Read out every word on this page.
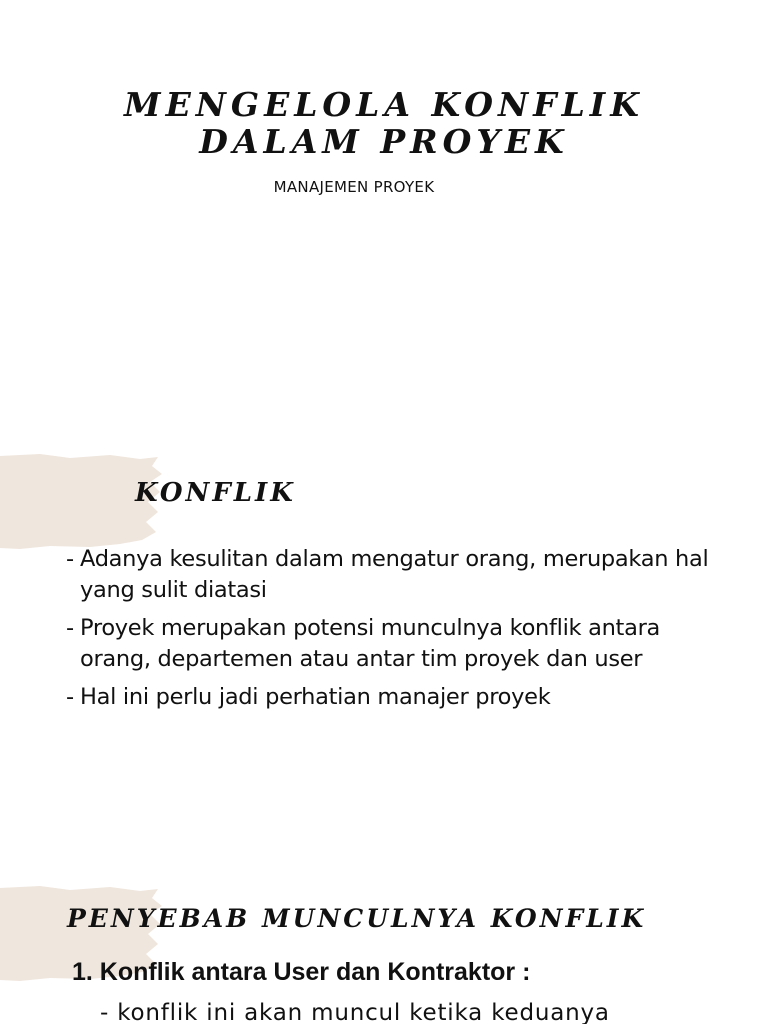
MENGELOLA KONFLIK
DALAM PROYEK
MANAJEMEN PROYEK
KONFLIK
- Adanya kesulitan dalam mengatur orang, merupakan hal yang sulit diatasi
- Proyek merupakan potensi munculnya konflik antara orang, departemen atau antar tim proyek dan user
- Hal ini perlu jadi perhatian manajer proyek
PENYEBAB MUNCULNYA KONFLIK

1. Konflik antara User dan Kontraktor :

- konflik ini akan muncul ketika keduanya
